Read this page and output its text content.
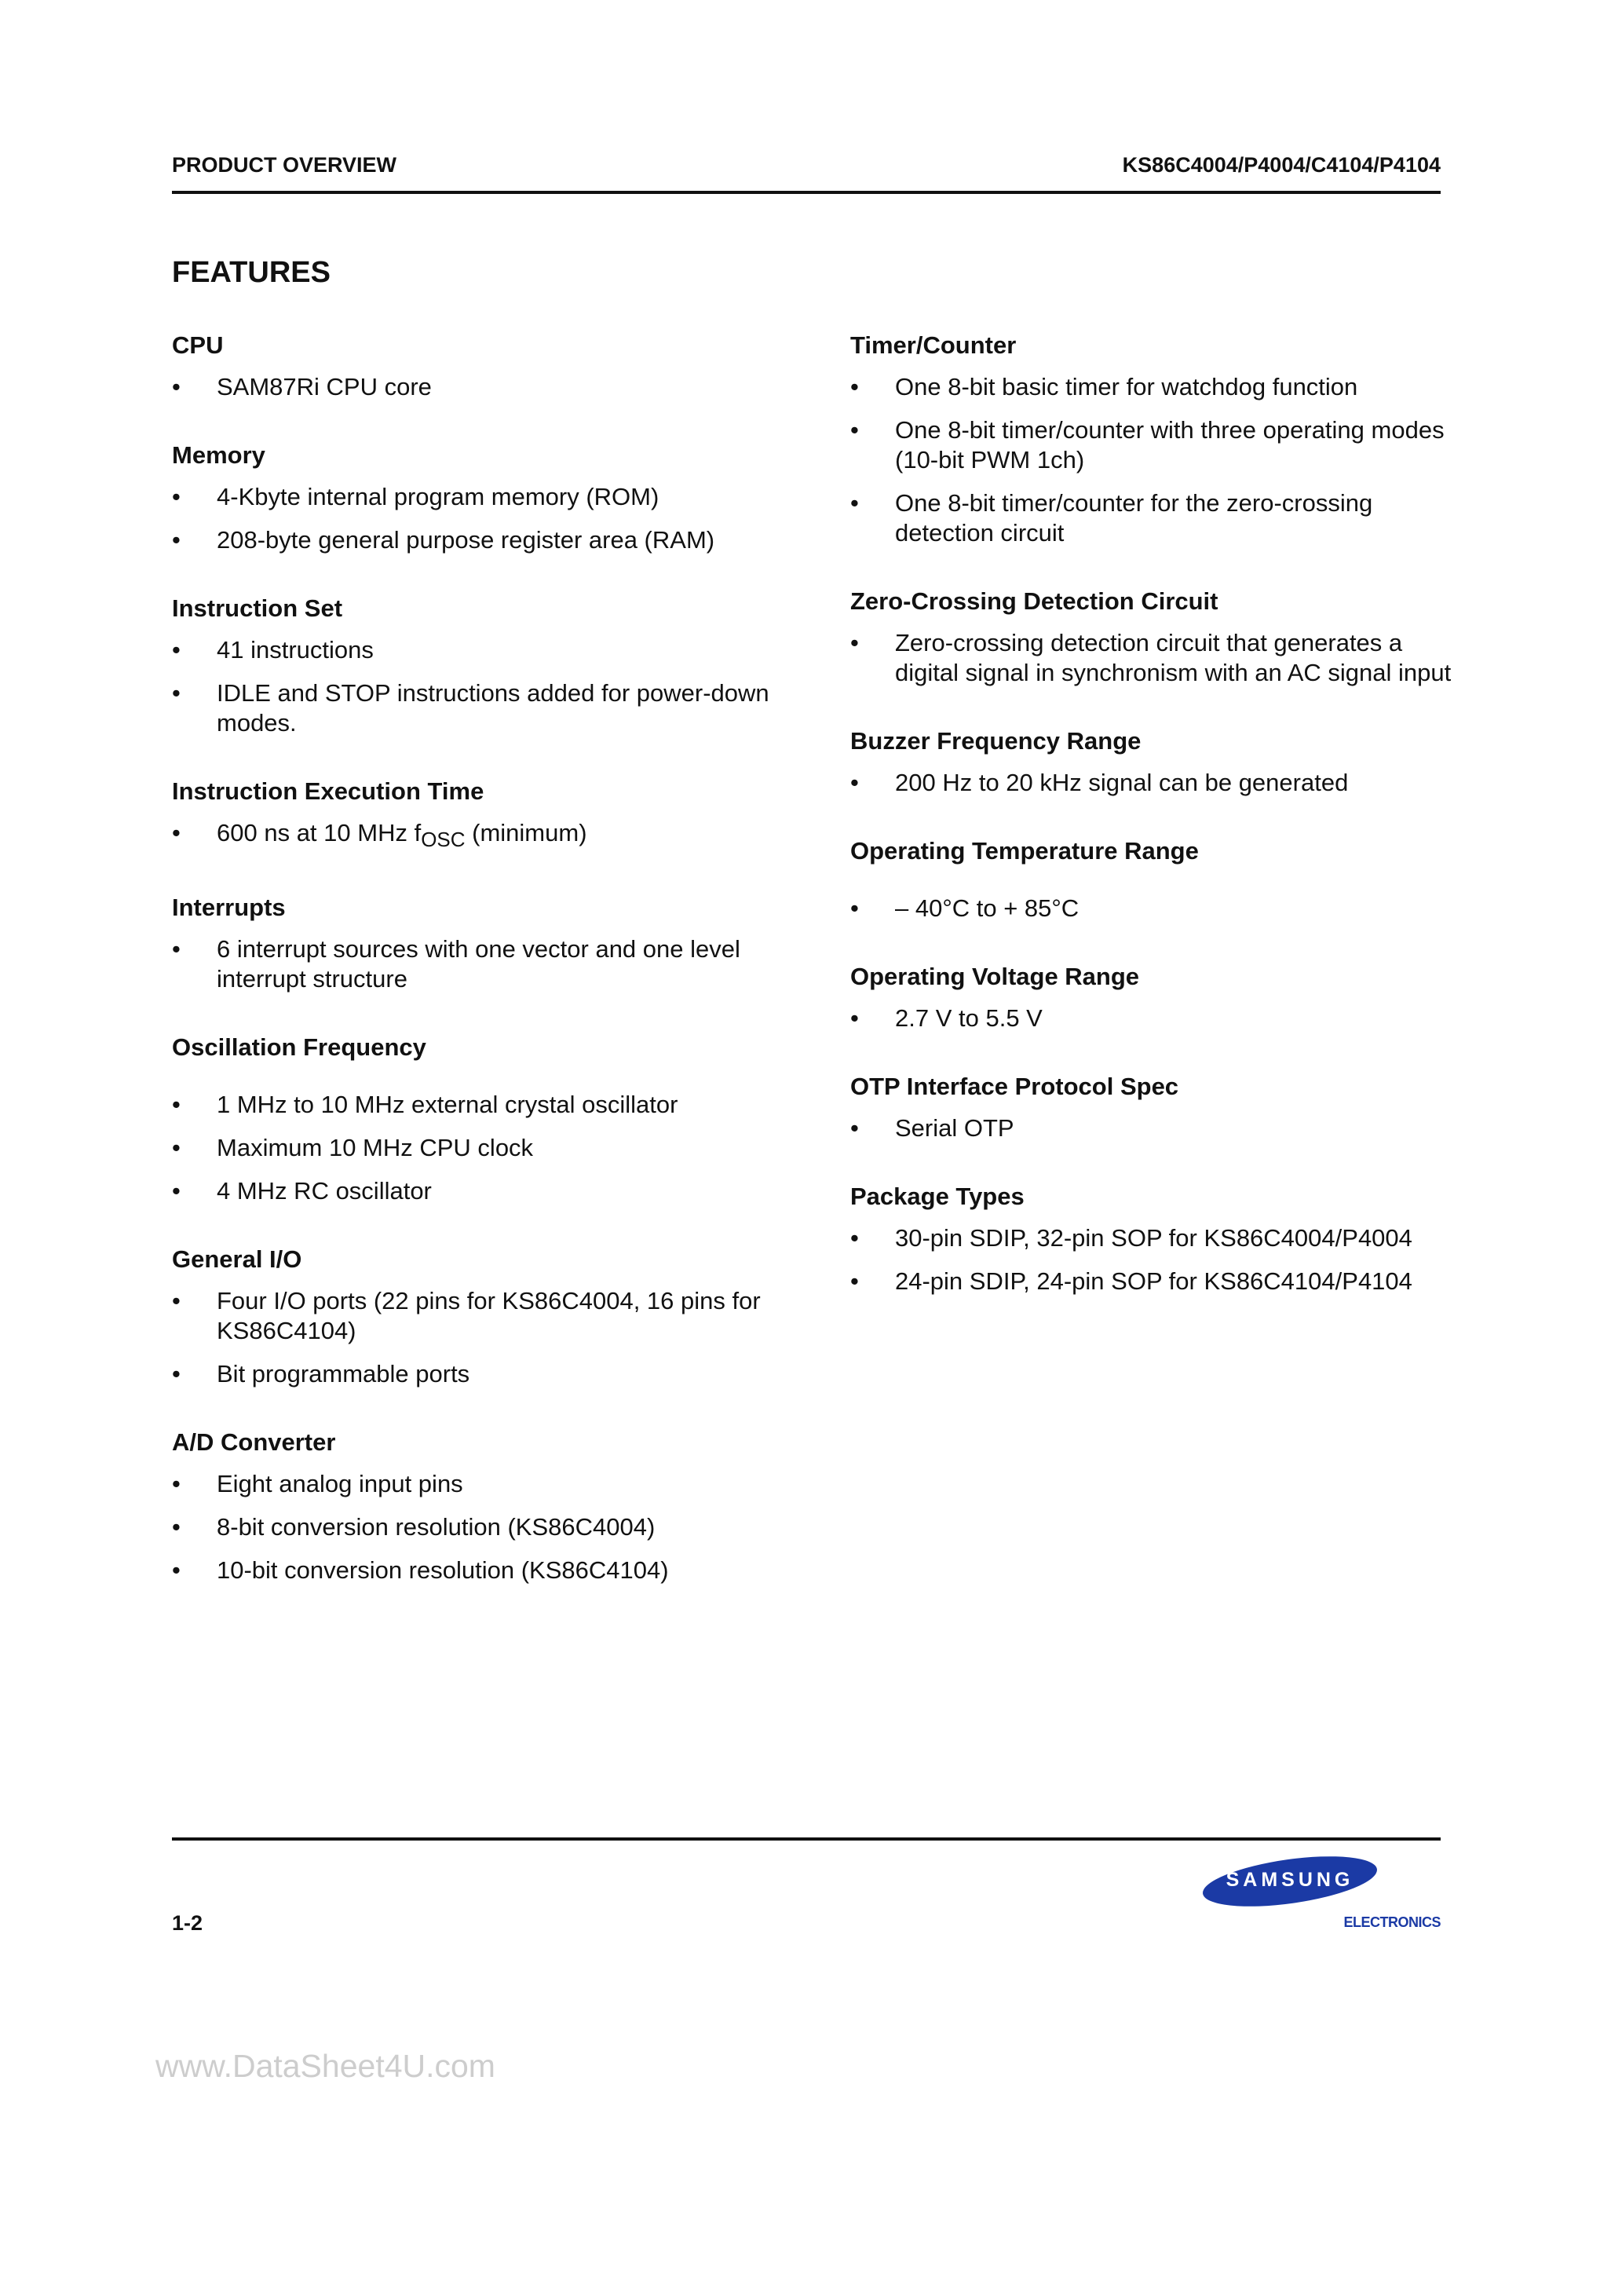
PRODUCT OVERVIEW	KS86C4004/P4004/C4104/P4104
FEATURES
CPU
• SAM87Ri CPU core
Memory
• 4-Kbyte internal program memory (ROM)
• 208-byte general purpose register area (RAM)
Instruction Set
• 41 instructions
• IDLE and STOP instructions added for power-down modes.
Instruction Execution Time
• 600 ns at 10 MHz $f_{OSC}$ (minimum)
Interrupts
• 6 interrupt sources with one vector and one level interrupt structure
Oscillation Frequency
• 1 MHz to 10 MHz external crystal oscillator
• Maximum 10 MHz CPU clock
• 4 MHz RC oscillator
General I/O
• Four I/O ports (22 pins for KS86C4004, 16 pins for KS86C4104)
• Bit programmable ports
A/D Converter
• Eight analog input pins
• 8-bit conversion resolution (KS86C4004)
• 10-bit conversion resolution (KS86C4104)
Timer/Counter
• One 8-bit basic timer for watchdog function
• One 8-bit timer/counter with three operating modes (10-bit PWM 1ch)
• One 8-bit timer/counter for the zero-crossing detection circuit
Zero-Crossing Detection Circuit
• Zero-crossing detection circuit that generates a digital signal in synchronism with an AC signal input
Buzzer Frequency Range
• 200 Hz to 20 kHz signal can be generated
Operating Temperature Range
• – 40°C to + 85°C
Operating Voltage Range
• 2.7 V to 5.5 V
OTP Interface Protocol Spec
• Serial OTP
Package Types
• 30-pin SDIP, 32-pin SOP for KS86C4004/P4004
• 24-pin SDIP, 24-pin SOP for KS86C4104/P4104
1-2
SAMSUNG
ELECTRONICS
www.DataSheet4U.com
